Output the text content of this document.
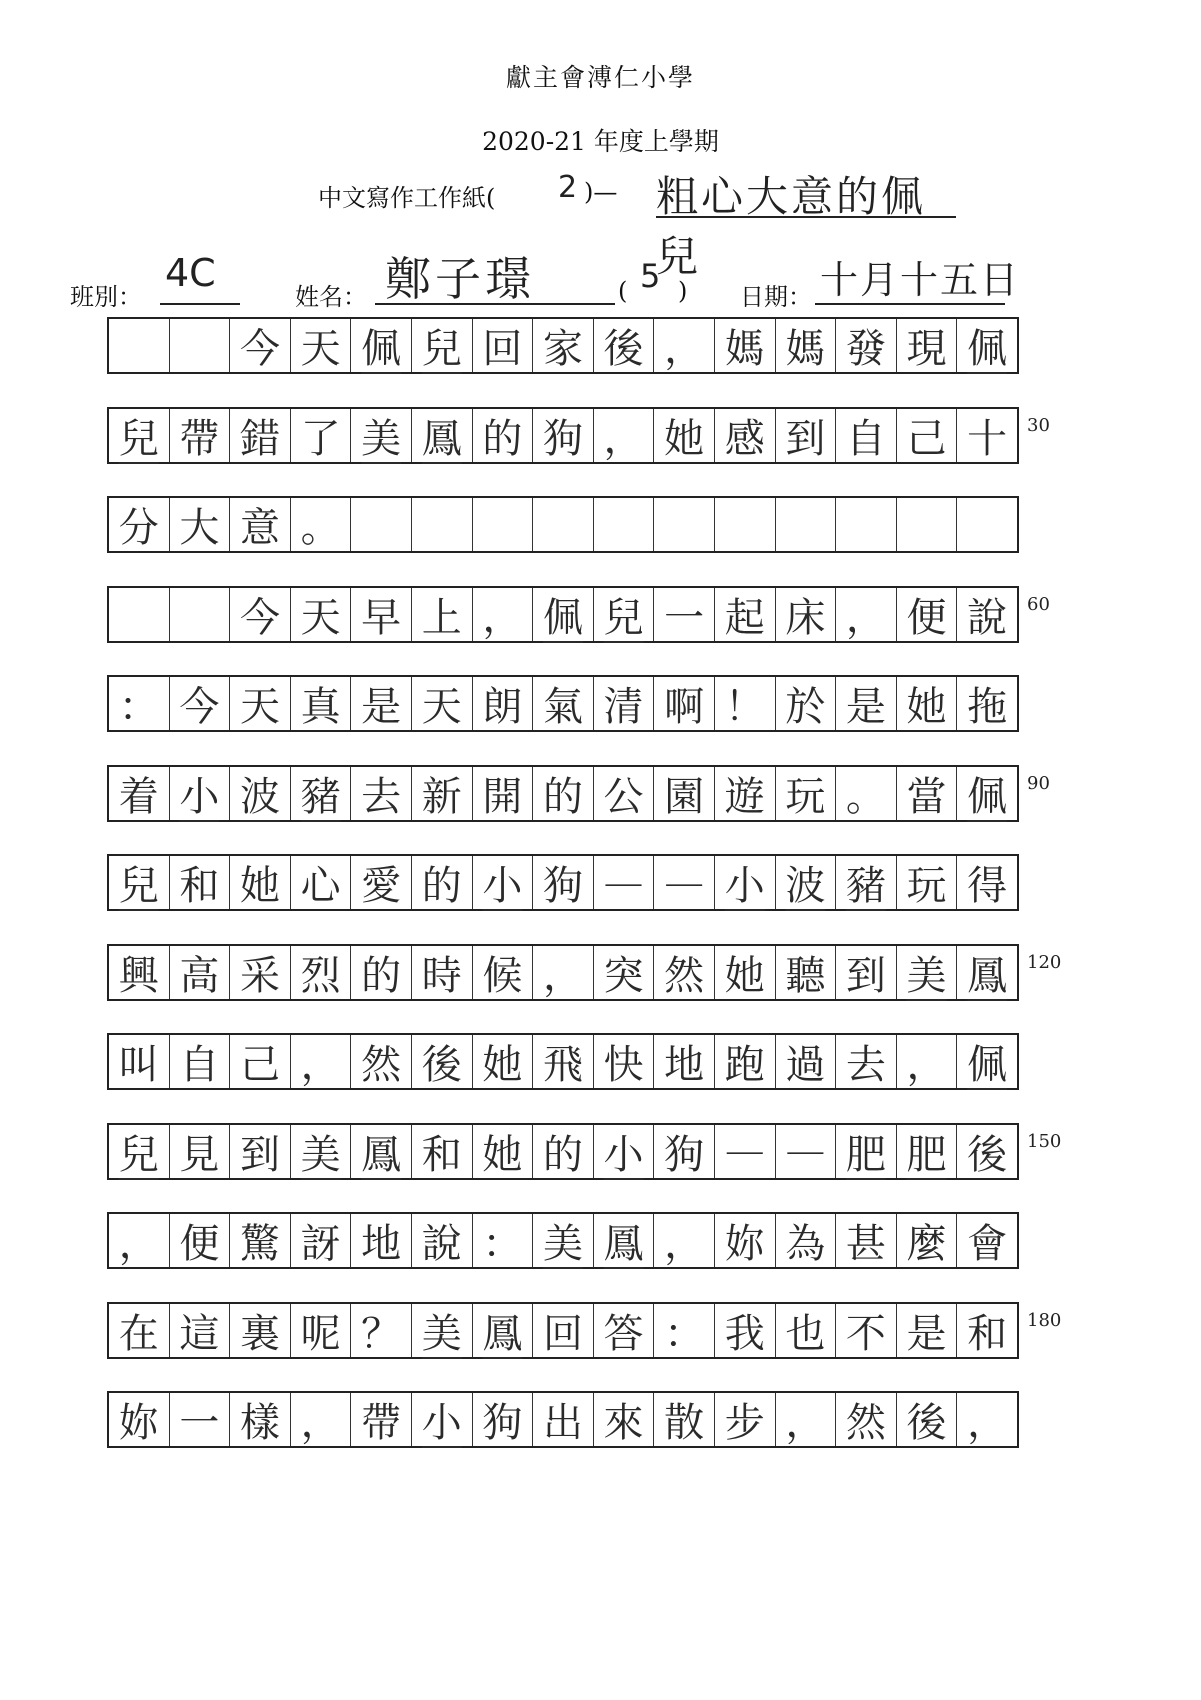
獻主會溥仁小學
2020-21 年度上學期
中文寫作工作紙( 2 )— 粗心大意的佩兒
班別：
4C
姓名： 鄭子璟	( 5 ) 日期： 十月十五日
今 天 佩 兒 回 家 後 ， 媽 媽 發 現 佩
兒 帶 錯 了 美 鳳 的 狗 ， 她 感 到 自 己 十
分 大 意 。
今 天 早 上 ， 佩 兒 一 起 床 ， 便 說
： 今 天 真 是 天 朗 氣 清 啊 ！ 於 是 她 拖
着 小 波 豬 去 新 開 的 公 園 遊 玩 。 當 佩
兒 和 她 心 愛 的 小 狗 — — 小 波 豬 玩 得
興 高 采 烈 的 時 候 ， 突 然 她 聽 到 美 鳳
叫 自 己 ， 然 後 她 飛 快 地 跑 過 去 ， 佩
兒 見 到 美 鳳 和 她 的 小 狗 — — 肥 肥 後
， 便 驚 訝 地 說 ： 美 鳳 ， 妳 為 甚 麼 會
在 這 裏 呢 ？ 美 鳳 回 答 ： 我 也 不 是 和
妳 一 樣 ， 帶 小 狗 出 來 散 步 ， 然 後 ，
30
60
90
120
150
180
